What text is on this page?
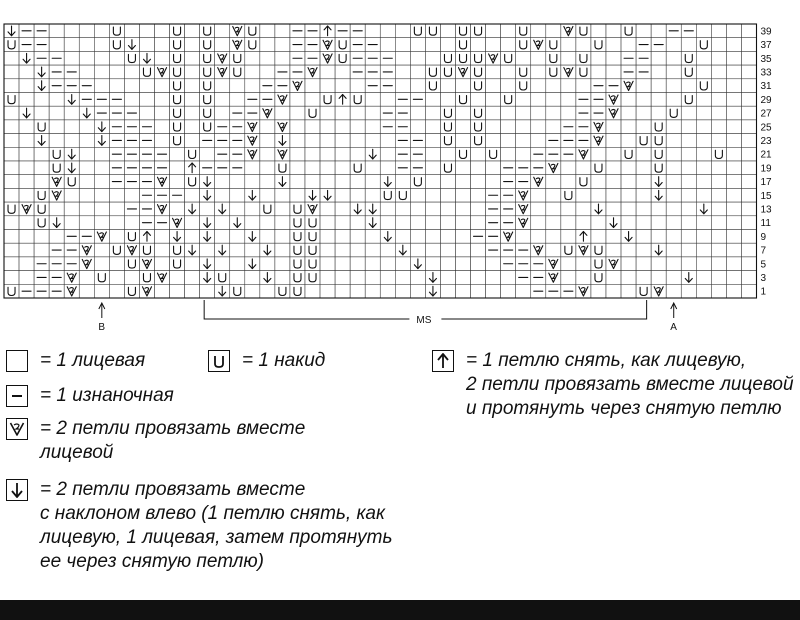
39
37
35
33
31
29
27
25
23
21
19
17
15
13
11
9
7
5
3
1
B	A
MS
= 1 лицевая	= 1 накид
= 1 изнаночная
= 2 петли провязать вместе
лицевой
= 2 петли провязать вместе
с наклоном влево (1 петлю снять, как
лицевую, 1 лицевая, затем протянуть
ее через снятую петлю)
= 1 петлю снять, как лицевую,
2 петли провязать вместе лицевой
и протянуть через снятую петлю
